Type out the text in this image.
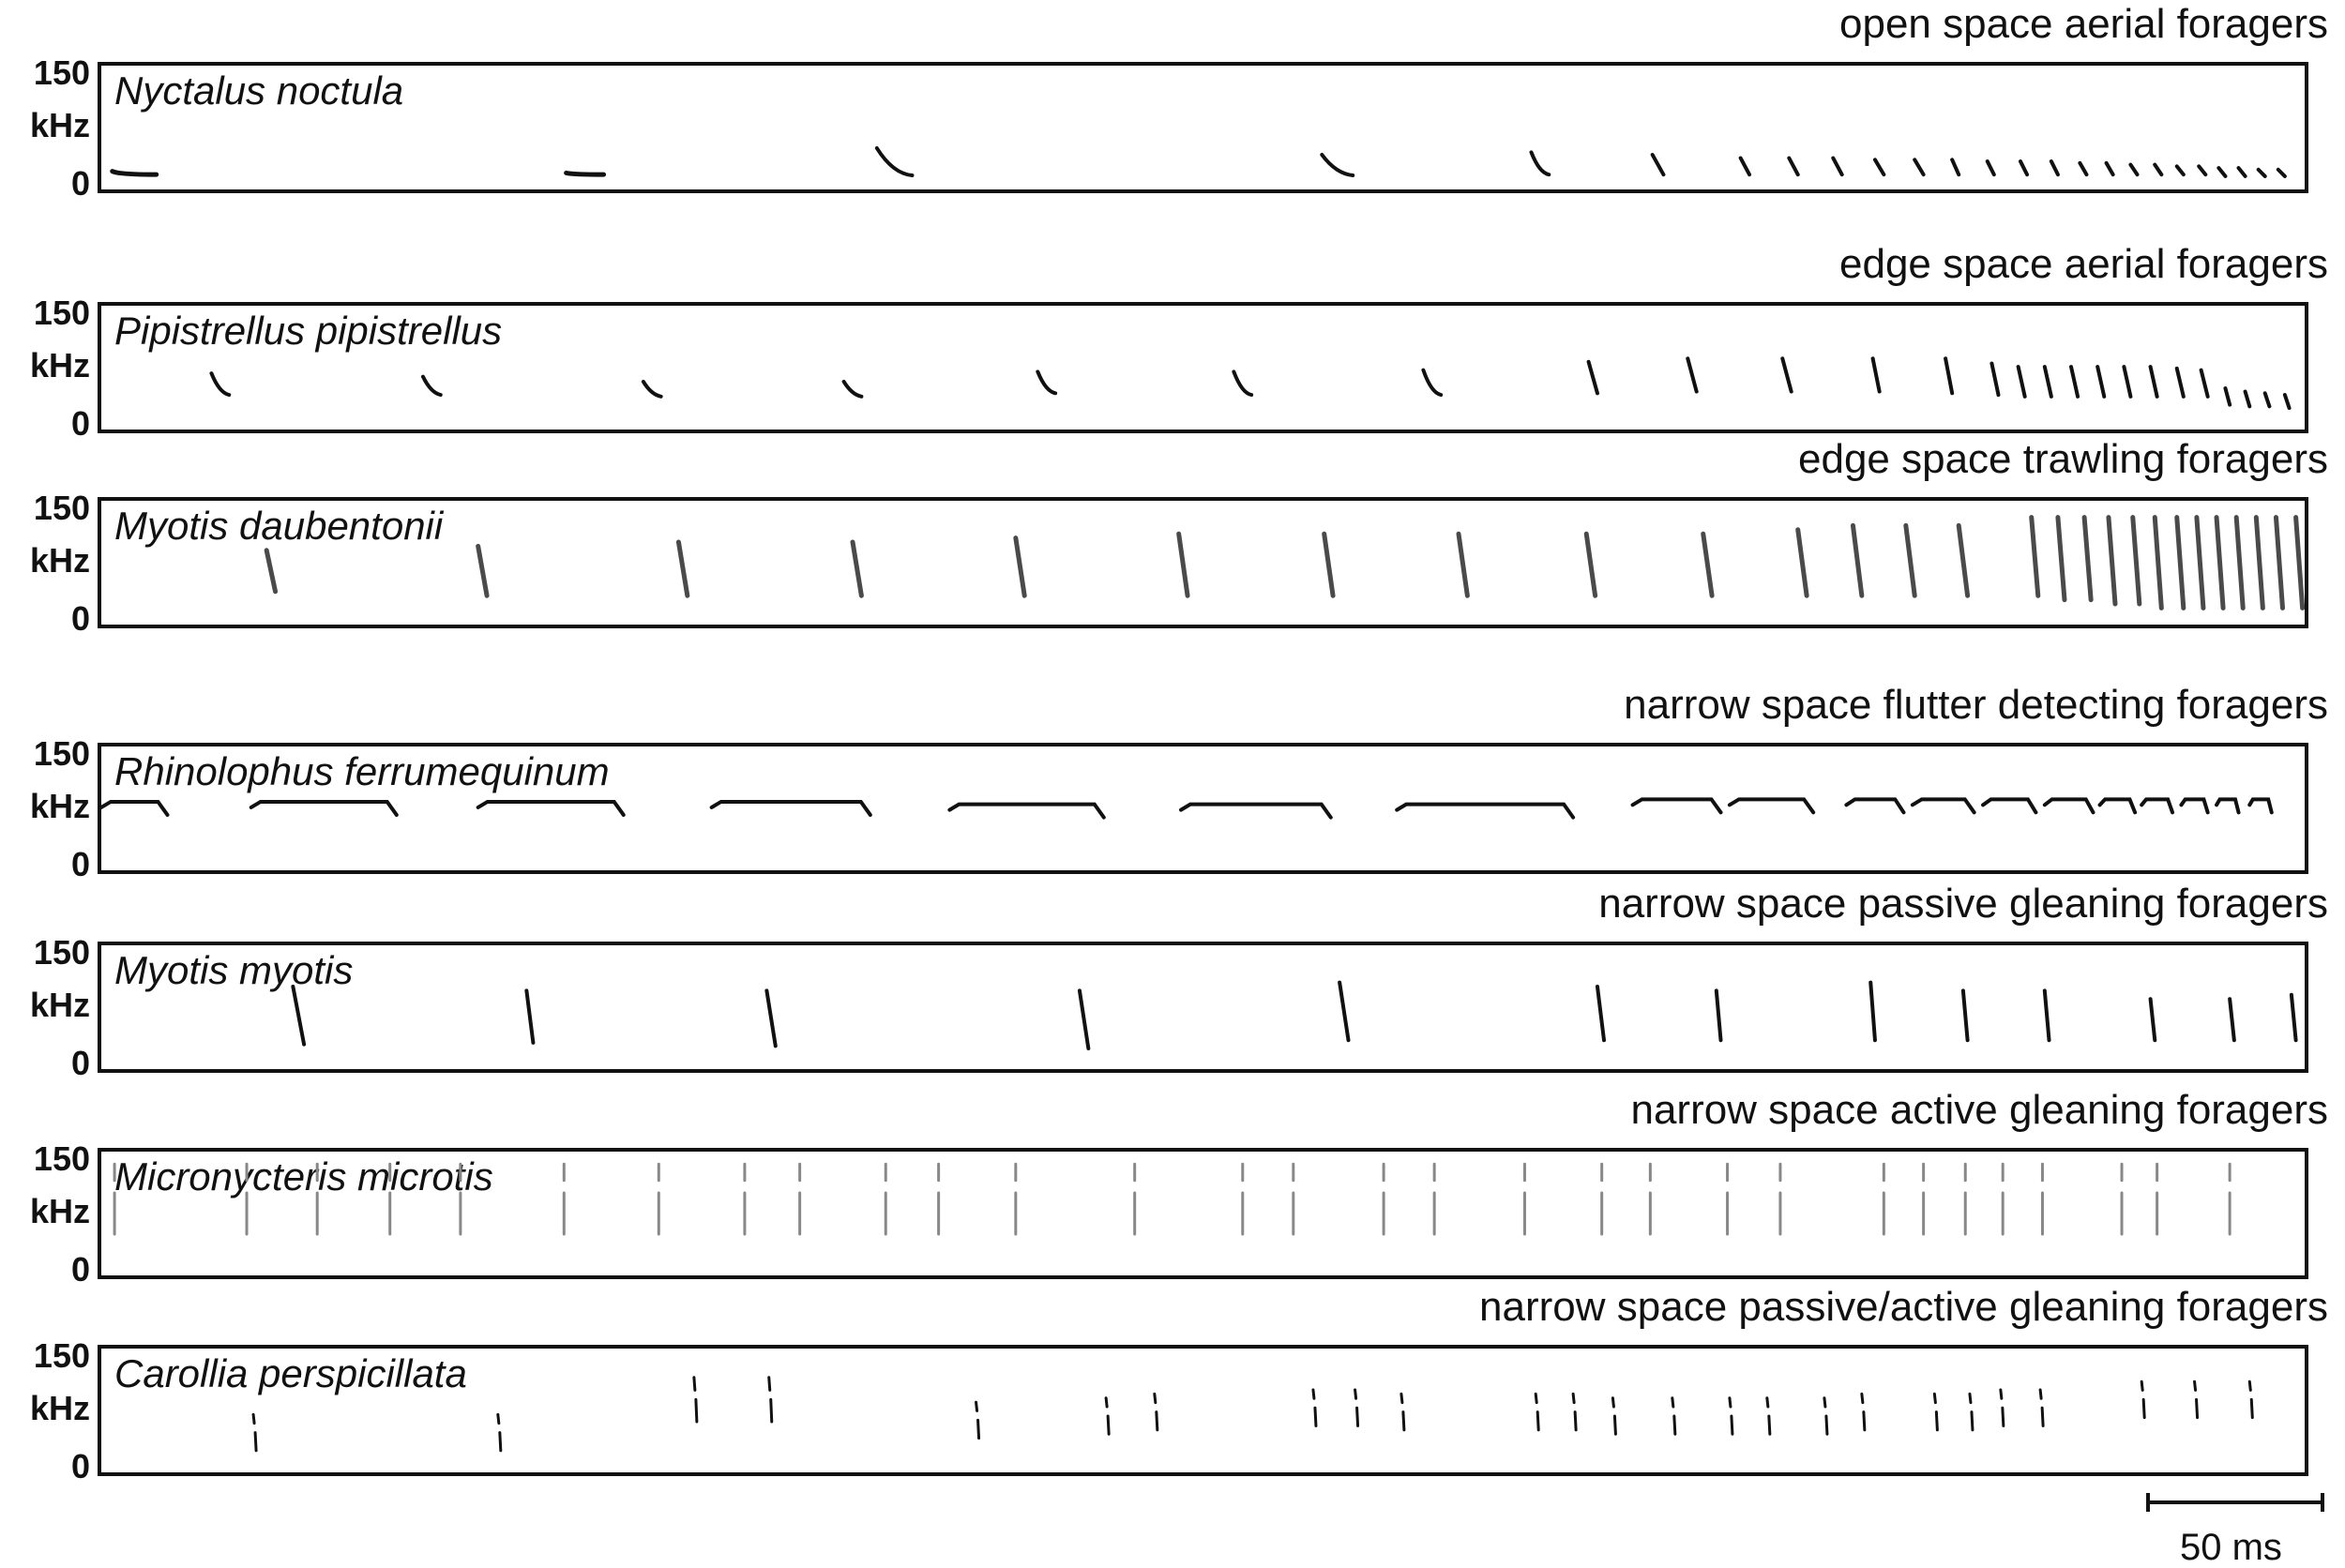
open space aerial foragers
Nyctalus noctula
150
kHz
0
edge space aerial foragers
Pipistrellus pipistrellus
150
kHz
0
edge space trawling foragers
Myotis daubentonii
150
kHz
0
narrow space flutter detecting foragers
Rhinolophus ferrumequinum
150
kHz
0
narrow space passive gleaning foragers
Myotis myotis
150
kHz
0
narrow space active gleaning foragers
Micronycteris microtis
150
kHz
0
narrow space passive/active gleaning foragers
Carollia perspicillata
150
kHz
0
50 ms
